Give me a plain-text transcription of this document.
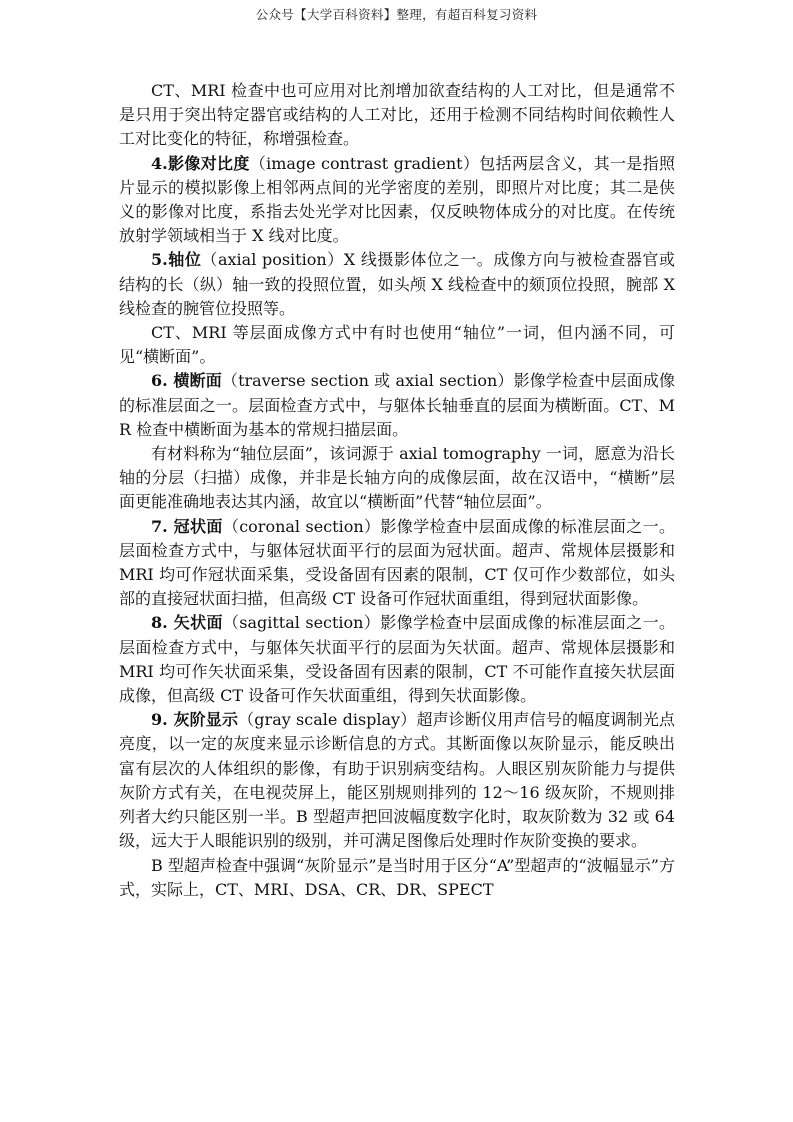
公众号【大学百科资料】整理，有超百科复习资料

CT、MRI 检查中也可应用对比剂增加欲查结构的人工对比，但是通常不是只用于突出特定器官或结构的人工对比，还用于检测不同结构时间依赖性人工对比变化的特征，称增强检查。

4.影像对比度（image contrast gradient）包括两层含义，其一是指照片显示的模拟影像上相邻两点间的光学密度的差别，即照片对比度；其二是侠义的影像对比度，系指去处光学对比因素，仅反映物体成分的对比度。在传统放射学领域相当于 X 线对比度。

5.轴位（axial position）X 线摄影体位之一。成像方向与被检查器官或结构的长（纵）轴一致的投照位置，如头颅 X 线检查中的颏顶位投照，腕部 X 线检查的腕管位投照等。

CT、MRI 等层面成像方式中有时也使用“轴位”一词，但内涵不同，可见“横断面”。

6. 横断面（traverse section 或 axial section）影像学检查中层面成像的标准层面之一。层面检查方式中，与躯体长轴垂直的层面为横断面。CT、MR 检查中横断面为基本的常规扫描层面。

有材料称为“轴位层面”，该词源于 axial tomography 一词，愿意为沿长轴的分层（扫描）成像，并非是长轴方向的成像层面，故在汉语中，“横断”层面更能准确地表达其内涵，故宜以“横断面”代替“轴位层面”。

7. 冠状面（coronal section）影像学检查中层面成像的标准层面之一。层面检查方式中，与躯体冠状面平行的层面为冠状面。超声、常规体层摄影和 MRI 均可作冠状面采集，受设备固有因素的限制，CT 仅可作少数部位，如头部的直接冠状面扫描，但高级 CT 设备可作冠状面重组，得到冠状面影像。

8. 矢状面（sagittal section）影像学检查中层面成像的标准层面之一。层面检查方式中，与躯体矢状面平行的层面为矢状面。超声、常规体层摄影和 MRI 均可作矢状面采集，受设备固有因素的限制，CT 不可能作直接矢状层面成像，但高级 CT 设备可作矢状面重组，得到矢状面影像。

9. 灰阶显示（gray scale display）超声诊断仪用声信号的幅度调制光点亮度，以一定的灰度来显示诊断信息的方式。其断面像以灰阶显示，能反映出富有层次的人体组织的影像，有助于识别病变结构。人眼区别灰阶能力与提供灰阶方式有关，在电视荧屏上，能区别规则排列的 12～16 级灰阶，不规则排列者大约只能区别一半。B 型超声把回波幅度数字化时，取灰阶数为 32 或 64 级，远大于人眼能识别的级别，并可满足图像后处理时作灰阶变换的要求。

B 型超声检查中强调“灰阶显示”是当时用于区分“A”型超声的“波幅显示”方式，实际上，CT、MRI、DSA、CR、DR、SPECT
